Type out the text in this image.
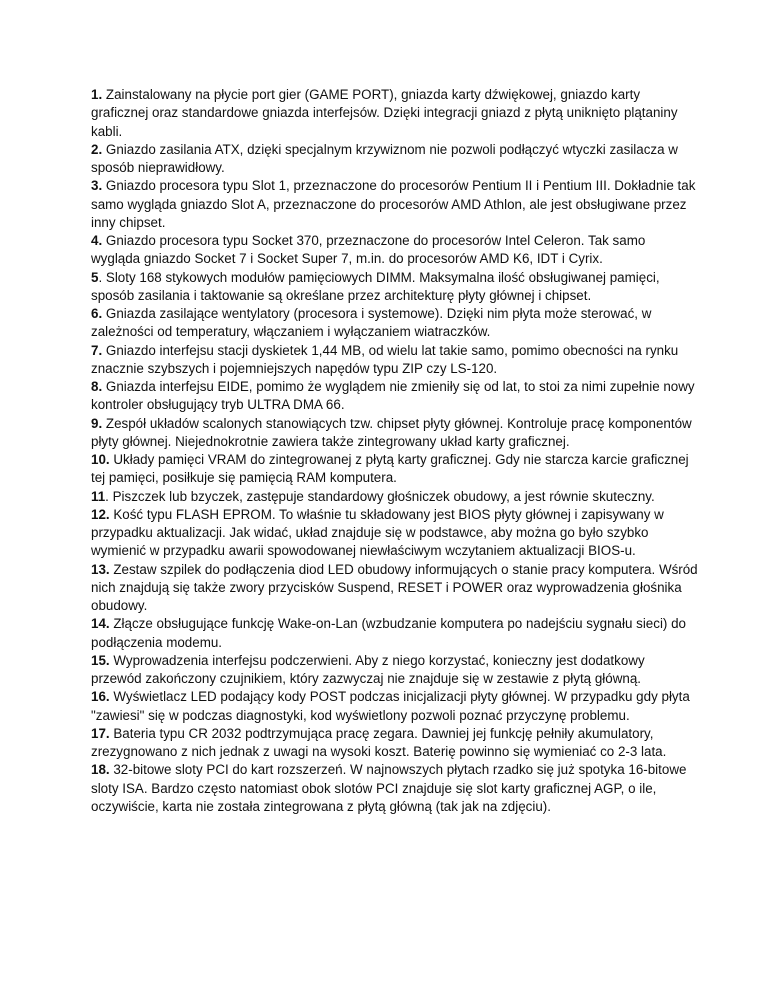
1. Zainstalowany na płycie port gier (GAME PORT), gniazda karty dźwiękowej, gniazdo karty graficznej oraz standardowe gniazda interfejsów. Dzięki integracji gniazd z płytą uniknięto plątaniny kabli.

2. Gniazdo zasilania ATX, dzięki specjalnym krzywiznom nie pozwoli podłączyć wtyczki zasilacza w sposób nieprawidłowy.

3. Gniazdo procesora typu Slot 1, przeznaczone do procesorów Pentium II i Pentium III. Dokładnie tak samo wygląda gniazdo Slot A, przeznaczone do procesorów AMD Athlon, ale jest obsługiwane przez inny chipset.

4. Gniazdo procesora typu Socket 370, przeznaczone do procesorów Intel Celeron. Tak samo wygląda gniazdo Socket 7 i Socket Super 7, m.in. do procesorów AMD K6, IDT i Cyrix.

5. Sloty 168 stykowych modułów pamięciowych DIMM. Maksymalna ilość obsługiwanej pamięci, sposób zasilania i taktowanie są określane przez architekturę płyty głównej i chipset.

6. Gniazda zasilające wentylatory (procesora i systemowe). Dzięki nim płyta może sterować, w zależności od temperatury, włączaniem i wyłączaniem wiatraczków.

7. Gniazdo interfejsu stacji dyskietek 1,44 MB, od wielu lat takie samo, pomimo obecności na rynku znacznie szybszych i pojemniejszych napędów typu ZIP czy LS-120.

8. Gniazda interfejsu EIDE, pomimo że wyglądem nie zmieniły się od lat, to stoi za nimi zupełnie nowy kontroler obsługujący tryb ULTRA DMA 66.

9. Zespół układów scalonych stanowiących tzw. chipset płyty głównej. Kontroluje pracę komponentów płyty głównej. Niejednokrotnie zawiera także zintegrowany układ karty graficznej.

10. Układy pamięci VRAM do zintegrowanej z płytą karty graficznej. Gdy nie starcza karcie graficznej tej pamięci, posiłkuje się pamięcią RAM komputera.

11. Piszczek lub bzyczek, zastępuje standardowy głośniczek obudowy, a jest równie skuteczny.

12. Kość typu FLASH EPROM. To właśnie tu składowany jest BIOS płyty głównej i zapisywany w przypadku aktualizacji. Jak widać, układ znajduje się w podstawce, aby można go było szybko wymienić w przypadku awarii spowodowanej niewłaściwym wczytaniem aktualizacji BIOS-u.

13. Zestaw szpilek do podłączenia diod LED obudowy informujących o stanie pracy komputera. Wśród nich znajdują się także zwory przycisków Suspend, RESET i POWER oraz wyprowadzenia głośnika obudowy.

14. Złącze obsługujące funkcję Wake-on-Lan (wzbudzanie komputera po nadejściu sygnału sieci) do podłączenia modemu.

15. Wyprowadzenia interfejsu podczerwieni. Aby z niego korzystać, konieczny jest dodatkowy przewód zakończony czujnikiem, który zazwyczaj nie znajduje się w zestawie z płytą główną.

16. Wyświetlacz LED podający kody POST podczas inicjalizacji płyty głównej. W przypadku gdy płyta "zawiesi" się w podczas diagnostyki, kod wyświetlony pozwoli poznać przyczynę problemu.

17. Bateria typu CR 2032 podtrzymująca pracę zegara. Dawniej jej funkcję pełniły akumulatory, zrezygnowano z nich jednak z uwagi na wysoki koszt. Baterię powinno się wymieniać co 2-3 lata.

18. 32-bitowe sloty PCI do kart rozszerzeń. W najnowszych płytach rzadko się już spotyka 16-bitowe sloty ISA. Bardzo często natomiast obok slotów PCI znajduje się slot karty graficznej AGP, o ile, oczywiście, karta nie została zintegrowana z płytą główną (tak jak na zdjęciu).
